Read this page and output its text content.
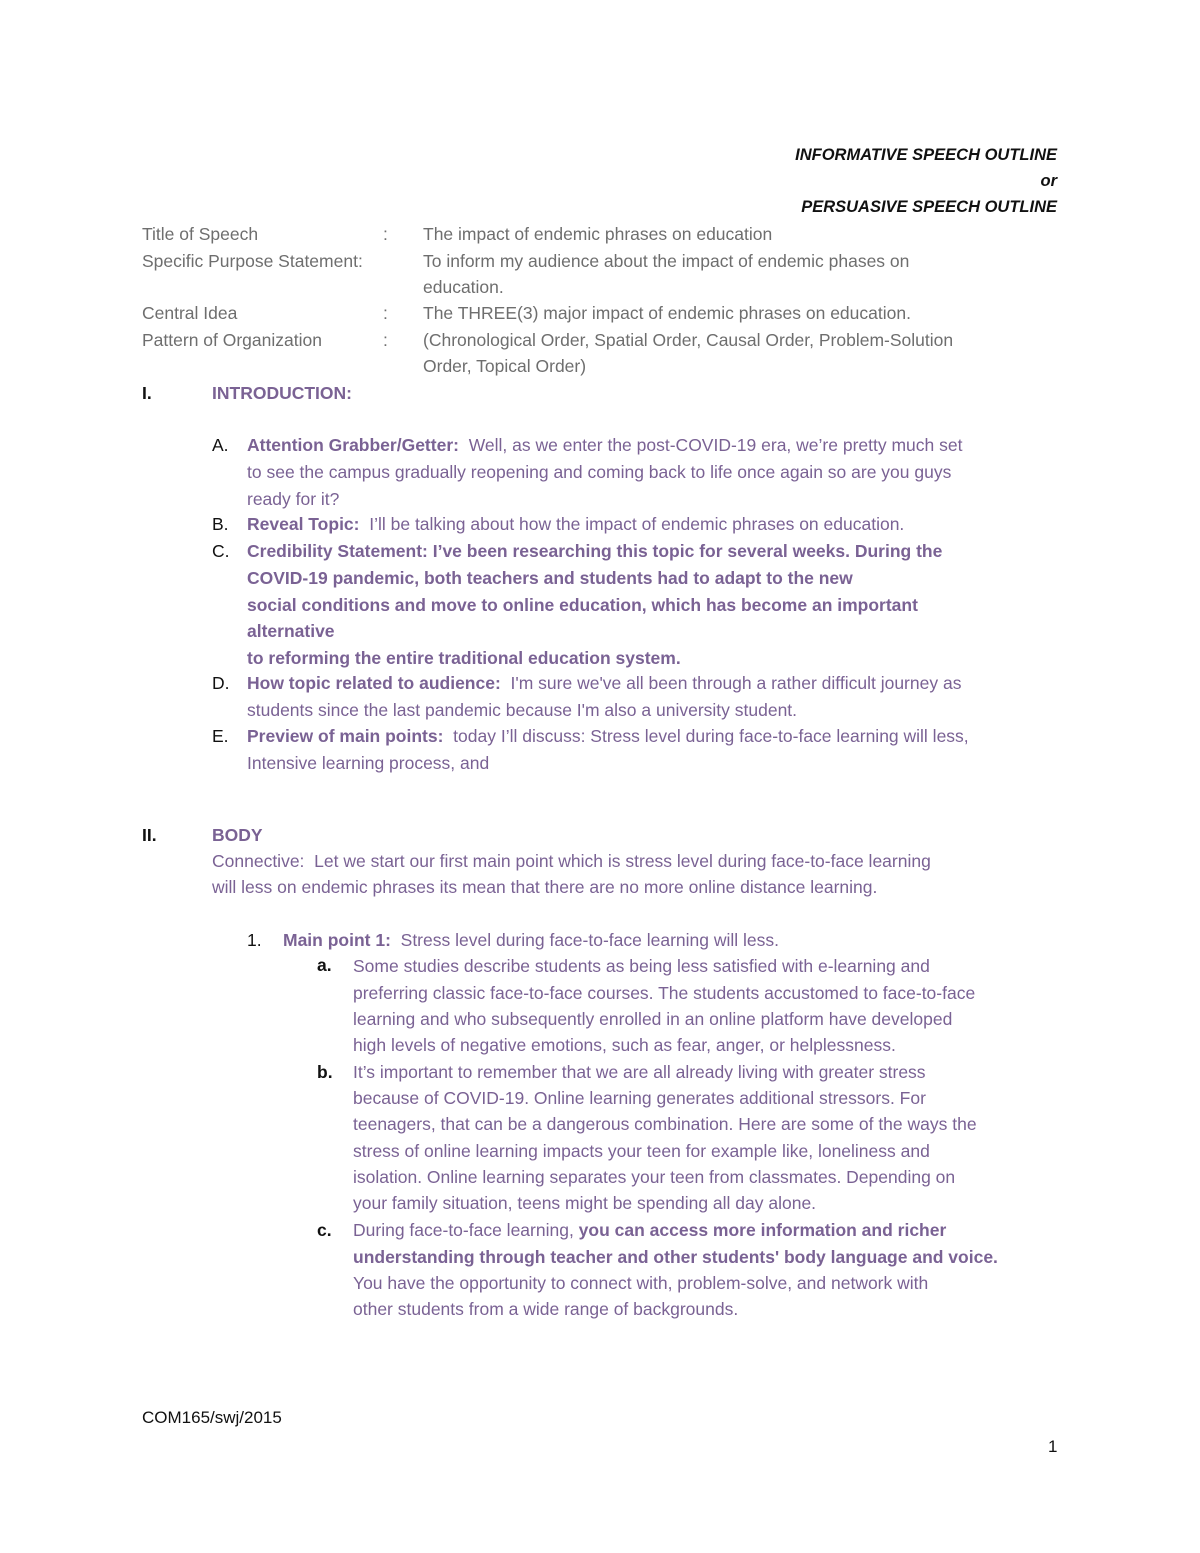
INFORMATIVE SPEECH OUTLINE
or
PERSUASIVE SPEECH OUTLINE
Title of Speech	: The impact of endemic phrases on education
Specific Purpose Statement:	To inform my audience about the impact of endemic phases on
education.
Central Idea	: The THREE(3) major impact of endemic phrases on education.
Pattern of Organization	: (Chronological Order, Spatial Order, Causal Order, Problem-Solution
Order, Topical Order)
I.	INTRODUCTION:
A. Attention Grabber/Getter: Well, as we enter the post-COVID-19 era, we’re pretty much set
to see the campus gradually reopening and coming back to life once again so are you guys
ready for it?
B. Reveal Topic: I’ll be talking about how the impact of endemic phrases on education.
C. Credibility Statement: I’ve been researching this topic for several weeks. During the
COVID-19 pandemic, both teachers and students had to adapt to the new
social conditions and move to online education, which has become an important
alternative
to reforming the entire traditional education system.
D. How topic related to audience: I'm sure we've all been through a rather difficult journey as
students since the last pandemic because I'm also a university student.
E. Preview of main points: today I’ll discuss: Stress level during face-to-face learning will less,
Intensive learning process, and
II.	BODY
Connective: Let we start our first main point which is stress level during face-to-face learning
will less on endemic phrases its mean that there are no more online distance learning.
1. Main point 1: Stress level during face-to-face learning will less.
a. Some studies describe students as being less satisfied with e-learning and
preferring classic face-to-face courses. The students accustomed to face-to-face
learning and who subsequently enrolled in an online platform have developed
high levels of negative emotions, such as fear, anger, or helplessness.
b. It’s important to remember that we are all already living with greater stress
because of COVID-19. Online learning generates additional stressors. For
teenagers, that can be a dangerous combination. Here are some of the ways the
stress of online learning impacts your teen for example like, loneliness and
isolation. Online learning separates your teen from classmates. Depending on
your family situation, teens might be spending all day alone.
c. During face-to-face learning, you can access more information and richer
understanding through teacher and other students' body language and voice.
You have the opportunity to connect with, problem-solve, and network with
other students from a wide range of backgrounds.
COM165/swj/2015
1
